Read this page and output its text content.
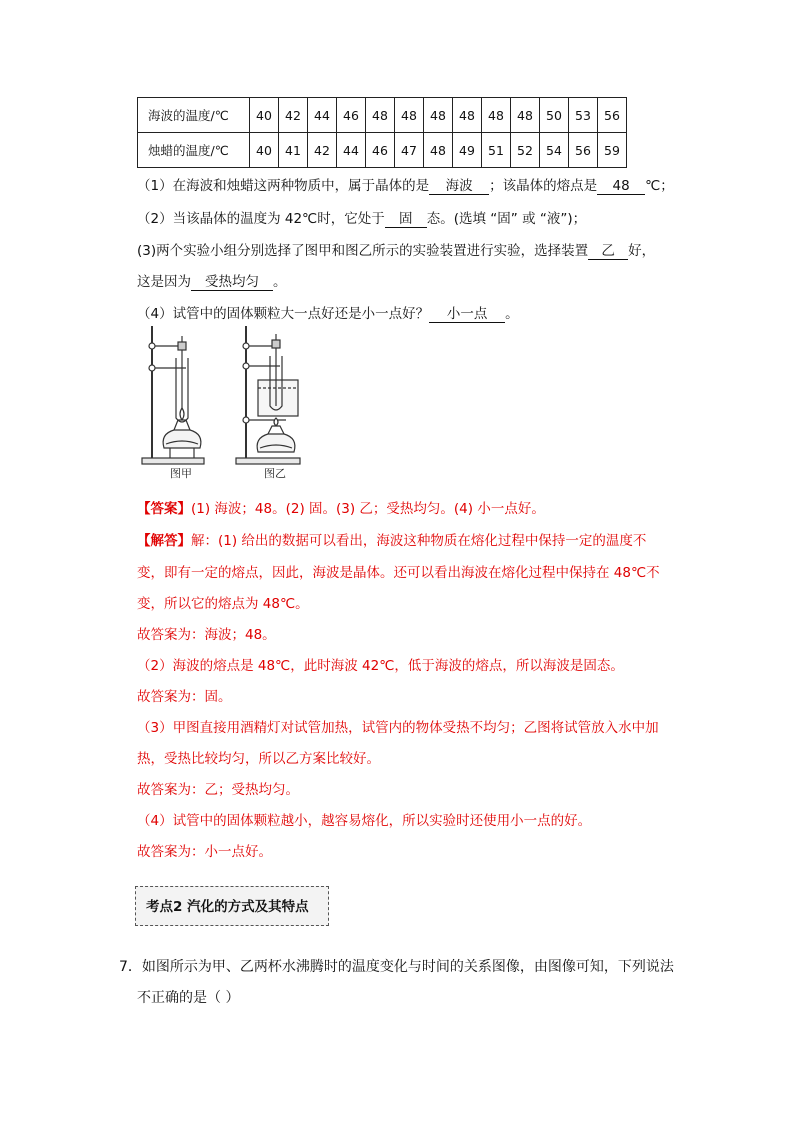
海波的温度/℃	40	42	44	46	48	48	48	48	48	48	50	53	56
烛蜡的温度/℃	40	41	42	44	46	47	48	49	51	52	54	56	59
（1）在海波和烛蜡这两种物质中，属于晶体的是 海波 ；该晶体的熔点是 48 ℃；
（2）当该晶体的温度为 42℃时，它处于 固 态。(选填 “固” 或 “液”)；
(3)两个实验小组分别选择了图甲和图乙所示的实验装置进行实验，选择装置 乙 好，
这是因为 受热均匀 。
（4）试管中的固体颗粒大一点好还是小一点好？ 小一点 。
图甲	图乙
【答案】(1) 海波；48。(2) 固。(3) 乙；受热均匀。(4) 小一点好。
【解答】解：(1) 给出的数据可以看出，海波这种物质在熔化过程中保持一定的温度不
变，即有一定的熔点，因此，海波是晶体。还可以看出海波在熔化过程中保持在 48℃不
变，所以它的熔点为 48℃。
故答案为：海波；48。
（2）海波的熔点是 48℃，此时海波 42℃，低于海波的熔点，所以海波是固态。
故答案为：固。
（3）甲图直接用酒精灯对试管加热，试管内的物体受热不均匀；乙图将试管放入水中加
热，受热比较均匀，所以乙方案比较好。
故答案为：乙；受热均匀。
（4）试管中的固体颗粒越小，越容易熔化，所以实验时还使用小一点的好。
故答案为：小一点好。
考点2 汽化的方式及其特点
7．如图所示为甲、乙两杯水沸腾时的温度变化与时间的关系图像，由图像可知，下列说法
不正确的是（ ）
